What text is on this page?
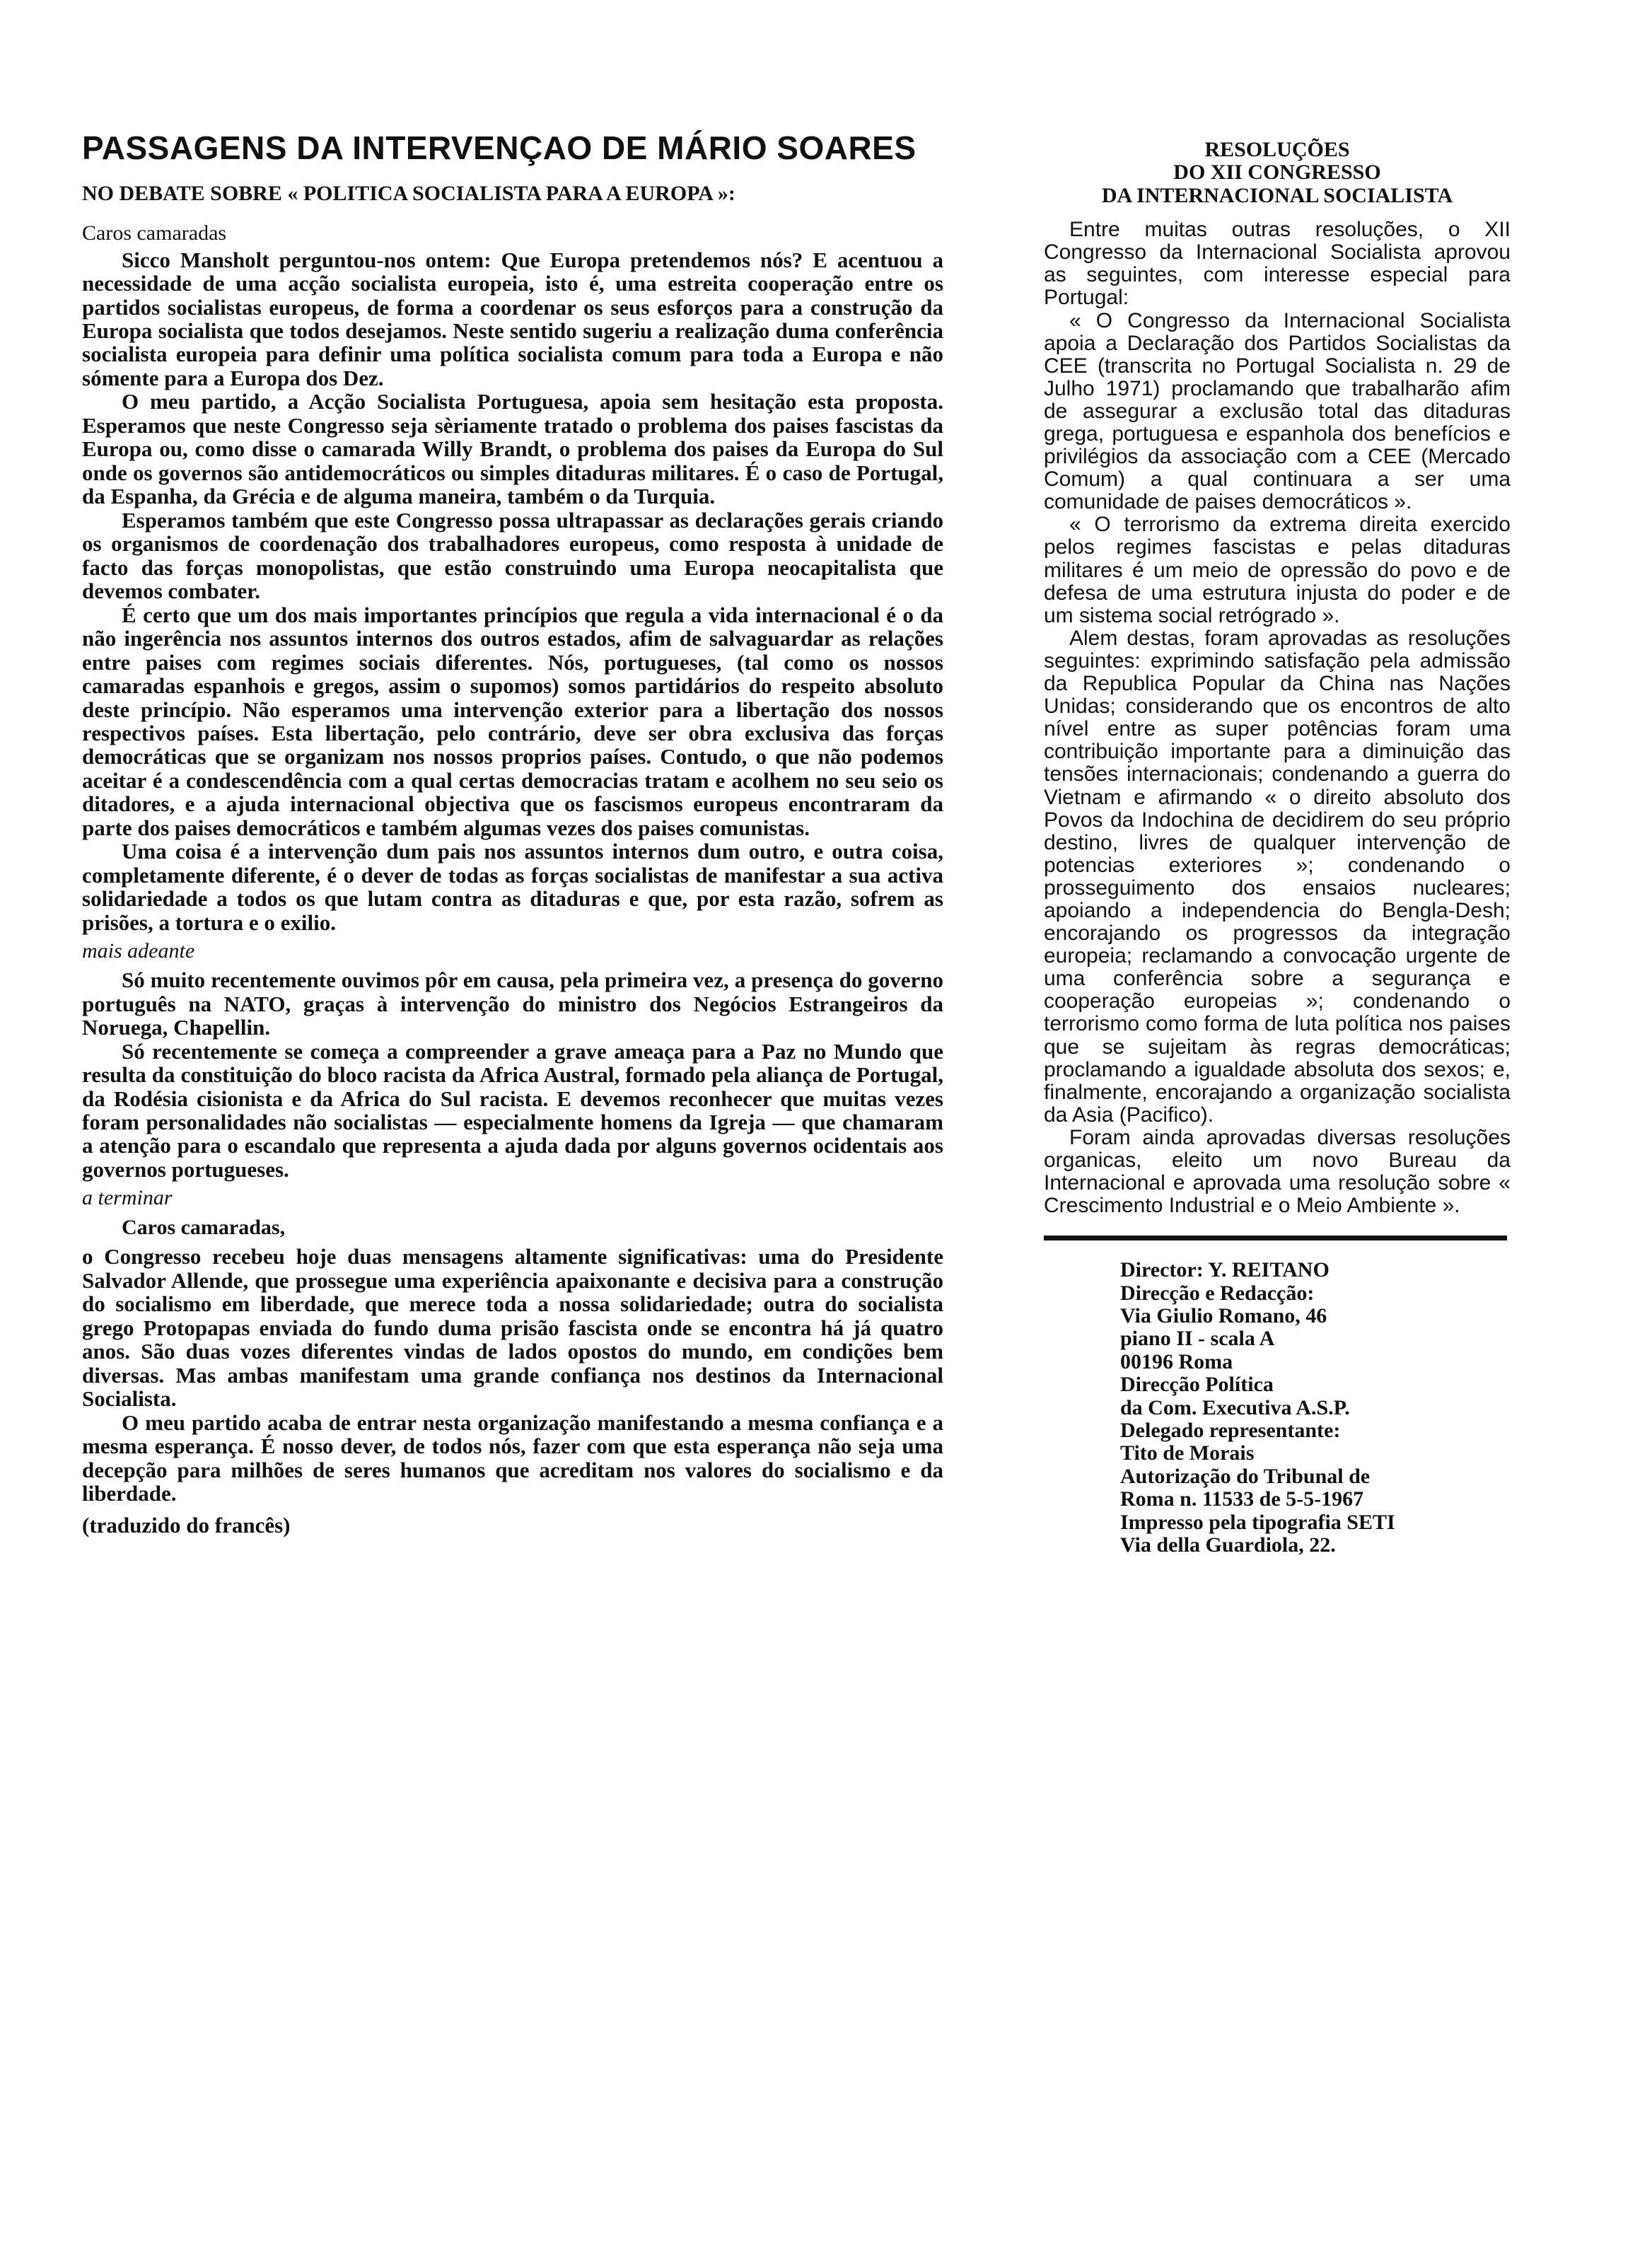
PASSAGENS DA INTERVENÇAO DE MÁRIO SOARES
NO DEBATE SOBRE « POLITICA SOCIALISTA PARA A EUROPA »:

Caros camaradas

Sicco Mansholt perguntou-nos ontem: Que Europa pretendemos nós? E acentuou a necessidade de uma acção socialista europeia, isto é, uma estreita cooperação entre os partidos socialistas europeus, de forma a coordenar os seus esforços para a construção da Europa socialista que todos desejamos. Neste sentido sugeriu a realização duma conferência socialista europeia para definir uma política socialista comum para toda a Europa e não sómente para a Europa dos Dez.

O meu partido, a Acção Socialista Portuguesa, apoia sem hesitação esta proposta. Esperamos que neste Congresso seja sèriamente tratado o problema dos paises fascistas da Europa ou, como disse o camarada Willy Brandt, o problema dos paises da Europa do Sul onde os governos são antidemocráticos ou simples ditaduras militares. É o caso de Portugal, da Espanha, da Grécia e de alguma maneira, também o da Turquia.

Esperamos também que este Congresso possa ultrapassar as declarações gerais criando os organismos de coordenação dos trabalhadores europeus, como resposta à unidade de facto das forças monopolistas, que estão construindo uma Europa neocapitalista que devemos combater.

É certo que um dos mais importantes princípios que regula a vida internacional é o da não ingerência nos assuntos internos dos outros estados, afim de salvaguardar as relações entre paises com regimes sociais diferentes. Nós, portugueses, (tal como os nossos camaradas espanhois e gregos, assim o supomos) somos partidários do respeito absoluto deste princípio. Não esperamos uma intervenção exterior para a libertação dos nossos respectivos países. Esta libertação, pelo contrário, deve ser obra exclusiva das forças democráticas que se organizam nos nossos proprios países. Contudo, o que não podemos aceitar é a condescendência com a qual certas democracias tratam e acolhem no seu seio os ditadores, e a ajuda internacional objectiva que os fascismos europeus encontraram da parte dos paises democráticos e também algumas vezes dos paises comunistas.

Uma coisa é a intervenção dum pais nos assuntos internos dum outro, e outra coisa, completamente diferente, é o dever de todas as forças socialistas de manifestar a sua activa solidariedade a todos os que lutam contra as ditaduras e que, por esta razão, sofrem as prisões, a tortura e o exilio.

mais adeante

Só muito recentemente ouvimos pôr em causa, pela primeira vez, a presença do governo português na NATO, graças à intervenção do ministro dos Negócios Estrangeiros da Noruega, Chapellin.

Só recentemente se começa a compreender a grave ameaça para a Paz no Mundo que resulta da constituição do bloco racista da Africa Austral, formado pela aliança de Portugal, da Rodésia cisionista e da Africa do Sul racista. E devemos reconhecer que muitas vezes foram personalidades não socialistas — especialmente homens da Igreja — que chamaram a atenção para o escandalo que representa a ajuda dada por alguns governos ocidentais aos governos portugueses.

a terminar

Caros camaradas,

o Congresso recebeu hoje duas mensagens altamente significativas: uma do Presidente Salvador Allende, que prossegue uma experiência apaixonante e decisiva para a construção do socialismo em liberdade, que merece toda a nossa solidariedade; outra do socialista grego Protopapas enviada do fundo duma prisão fascista onde se encontra há já quatro anos. São duas vozes diferentes vindas de lados opostos do mundo, em condições bem diversas. Mas ambas manifestam uma grande confiança nos destinos da Internacional Socialista.

O meu partido acaba de entrar nesta organização manifestando a mesma confiança e a mesma esperança. É nosso dever, de todos nós, fazer com que esta esperança não seja uma decepção para milhões de seres humanos que acreditam nos valores do socialismo e da liberdade.

(traduzido do francês)

RESOLUÇÕES
DO XII CONGRESSO
DA INTERNACIONAL SOCIALISTA

Entre muitas outras resoluções, o XII Congresso da Internacional Socialista aprovou as seguintes, com interesse especial para Portugal:

« O Congresso da Internacional Socialista apoia a Declaração dos Partidos Socialistas da CEE (transcrita no Portugal Socialista n. 29 de Julho 1971) proclamando que trabalharão afim de assegurar a exclusão total das ditaduras grega, portuguesa e espanhola dos benefícios e privilégios da associação com a CEE (Mercado Comum) a qual continuara a ser uma comunidade de paises democráticos ».

« O terrorismo da extrema direita exercido pelos regimes fascistas e pelas ditaduras militares é um meio de opressão do povo e de defesa de uma estrutura injusta do poder e de um sistema social retrógrado ».

Alem destas, foram aprovadas as resoluções seguintes: exprimindo satisfação pela admissão da Republica Popular da China nas Nações Unidas; considerando que os encontros de alto nível entre as super potências foram uma contribuição importante para a diminuição das tensões internacionais; condenando a guerra do Vietnam e afirmando « o direito absoluto dos Povos da Indochina de decidirem do seu próprio destino, livres de qualquer intervenção de potencias exteriores »; condenando o prosseguimento dos ensaios nucleares; apoiando a independencia do Bengla-Desh; encorajando os progressos da integração europeia; reclamando a convocação urgente de uma conferência sobre a segurança e cooperação europeias »; condenando o terrorismo como forma de luta política nos paises que se sujeitam às regras democráticas; proclamando a igualdade absoluta dos sexos; e, finalmente, encorajando a organização socialista da Asia (Pacifico).

Foram ainda aprovadas diversas resoluções organicas, eleito um novo Bureau da Internacional e aprovada uma resolução sobre « Crescimento Industrial e o Meio Ambiente ».

Director: Y. REITANO
Direcção e Redacção:
Via Giulio Romano, 46
piano II - scala A
00196 Roma
Direcção Política
da Com. Executiva A.S.P.
Delegado representante:
Tito de Morais
Autorização do Tribunal de
Roma n. 11533 de 5-5-1967
Impresso pela tipografia SETI
Via della Guardiola, 22.
